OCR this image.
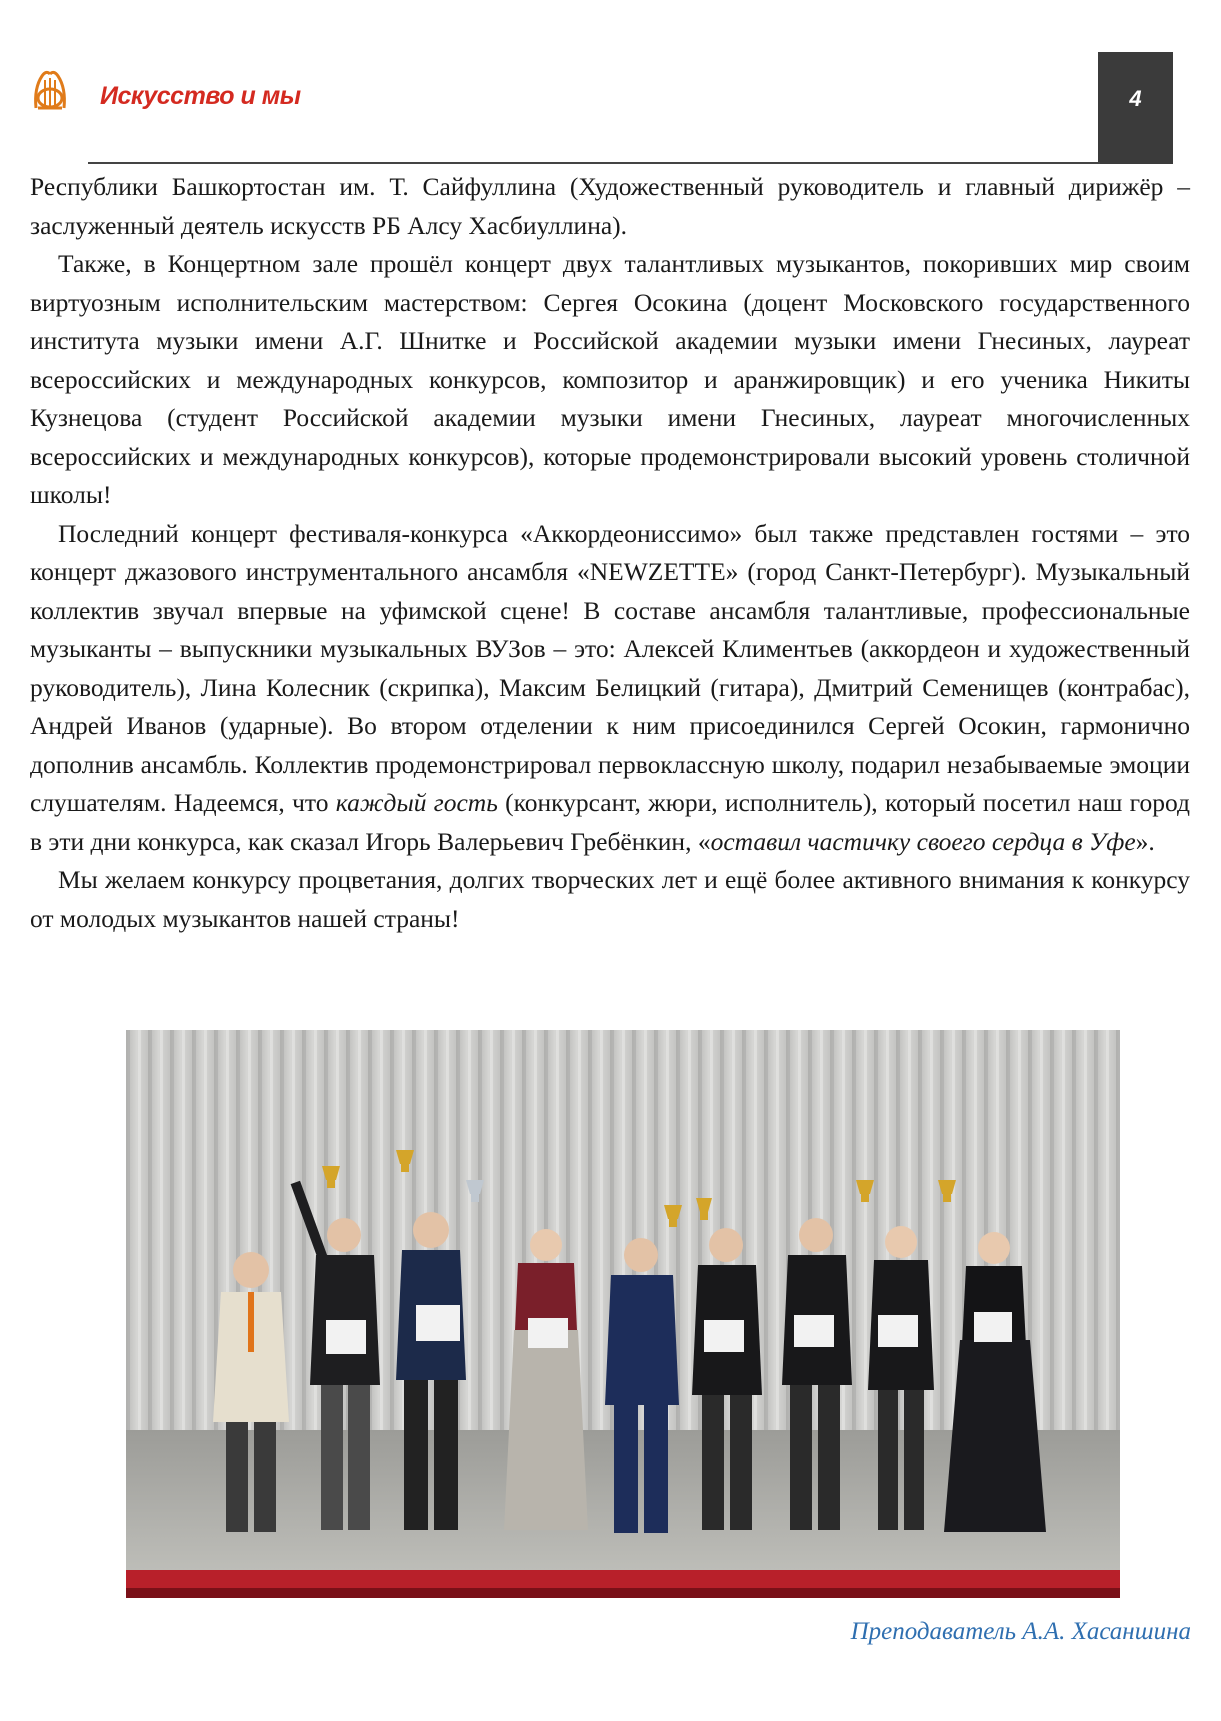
Искусство и мы	4

Республики Башкортостан им. Т. Сайфуллина (Художественный руководитель и главный дирижёр – заслуженный деятель искусств РБ Алсу Хасбиуллина).

Также, в Концертном зале прошёл концерт двух талантливых музыкантов, покоривших мир своим виртуозным исполнительским мастерством: Сергея Осокина (доцент Московского государственного института музыки имени А.Г. Шнитке и Российской академии музыки имени Гнесиных, лауреат всероссийских и международных конкурсов, композитор и аранжировщик) и его ученика Никиты Кузнецова (студент Российской академии музыки имени Гнесиных, лауреат многочисленных всероссийских и международных конкурсов), которые продемонстрировали высокий уровень столичной школы!

Последний концерт фестиваля-конкурса «Аккордеониссимо» был также представлен гостями – это концерт джазового инструментального ансамбля «NEWZETTE» (город Санкт-Петербург). Музыкальный коллектив звучал впервые на уфимской сцене! В составе ансамбля талантливые, профессиональные музыканты – выпускники музыкальных ВУЗов – это: Алексей Климентьев (аккордеон и художественный руководитель), Лина Колесник (скрипка), Максим Белицкий (гитара), Дмитрий Семенищев (контрабас), Андрей Иванов (ударные). Во втором отделении к ним присоединился Сергей Осокин, гармонично дополнив ансамбль. Коллектив продемонстрировал первоклассную школу, подарил незабываемые эмоции слушателям. Надеемся, что каждый гость (конкурсант, жюри, исполнитель), который посетил наш город в эти дни конкурса, как сказал Игорь Валерьевич Гребёнкин, «оставил частичку своего сердца в Уфе».

Мы желаем конкурсу процветания, долгих творческих лет и ещё более активного внимания к конкурсу от молодых музыкантов нашей страны!

Преподаватель А.А. Хасаншина
